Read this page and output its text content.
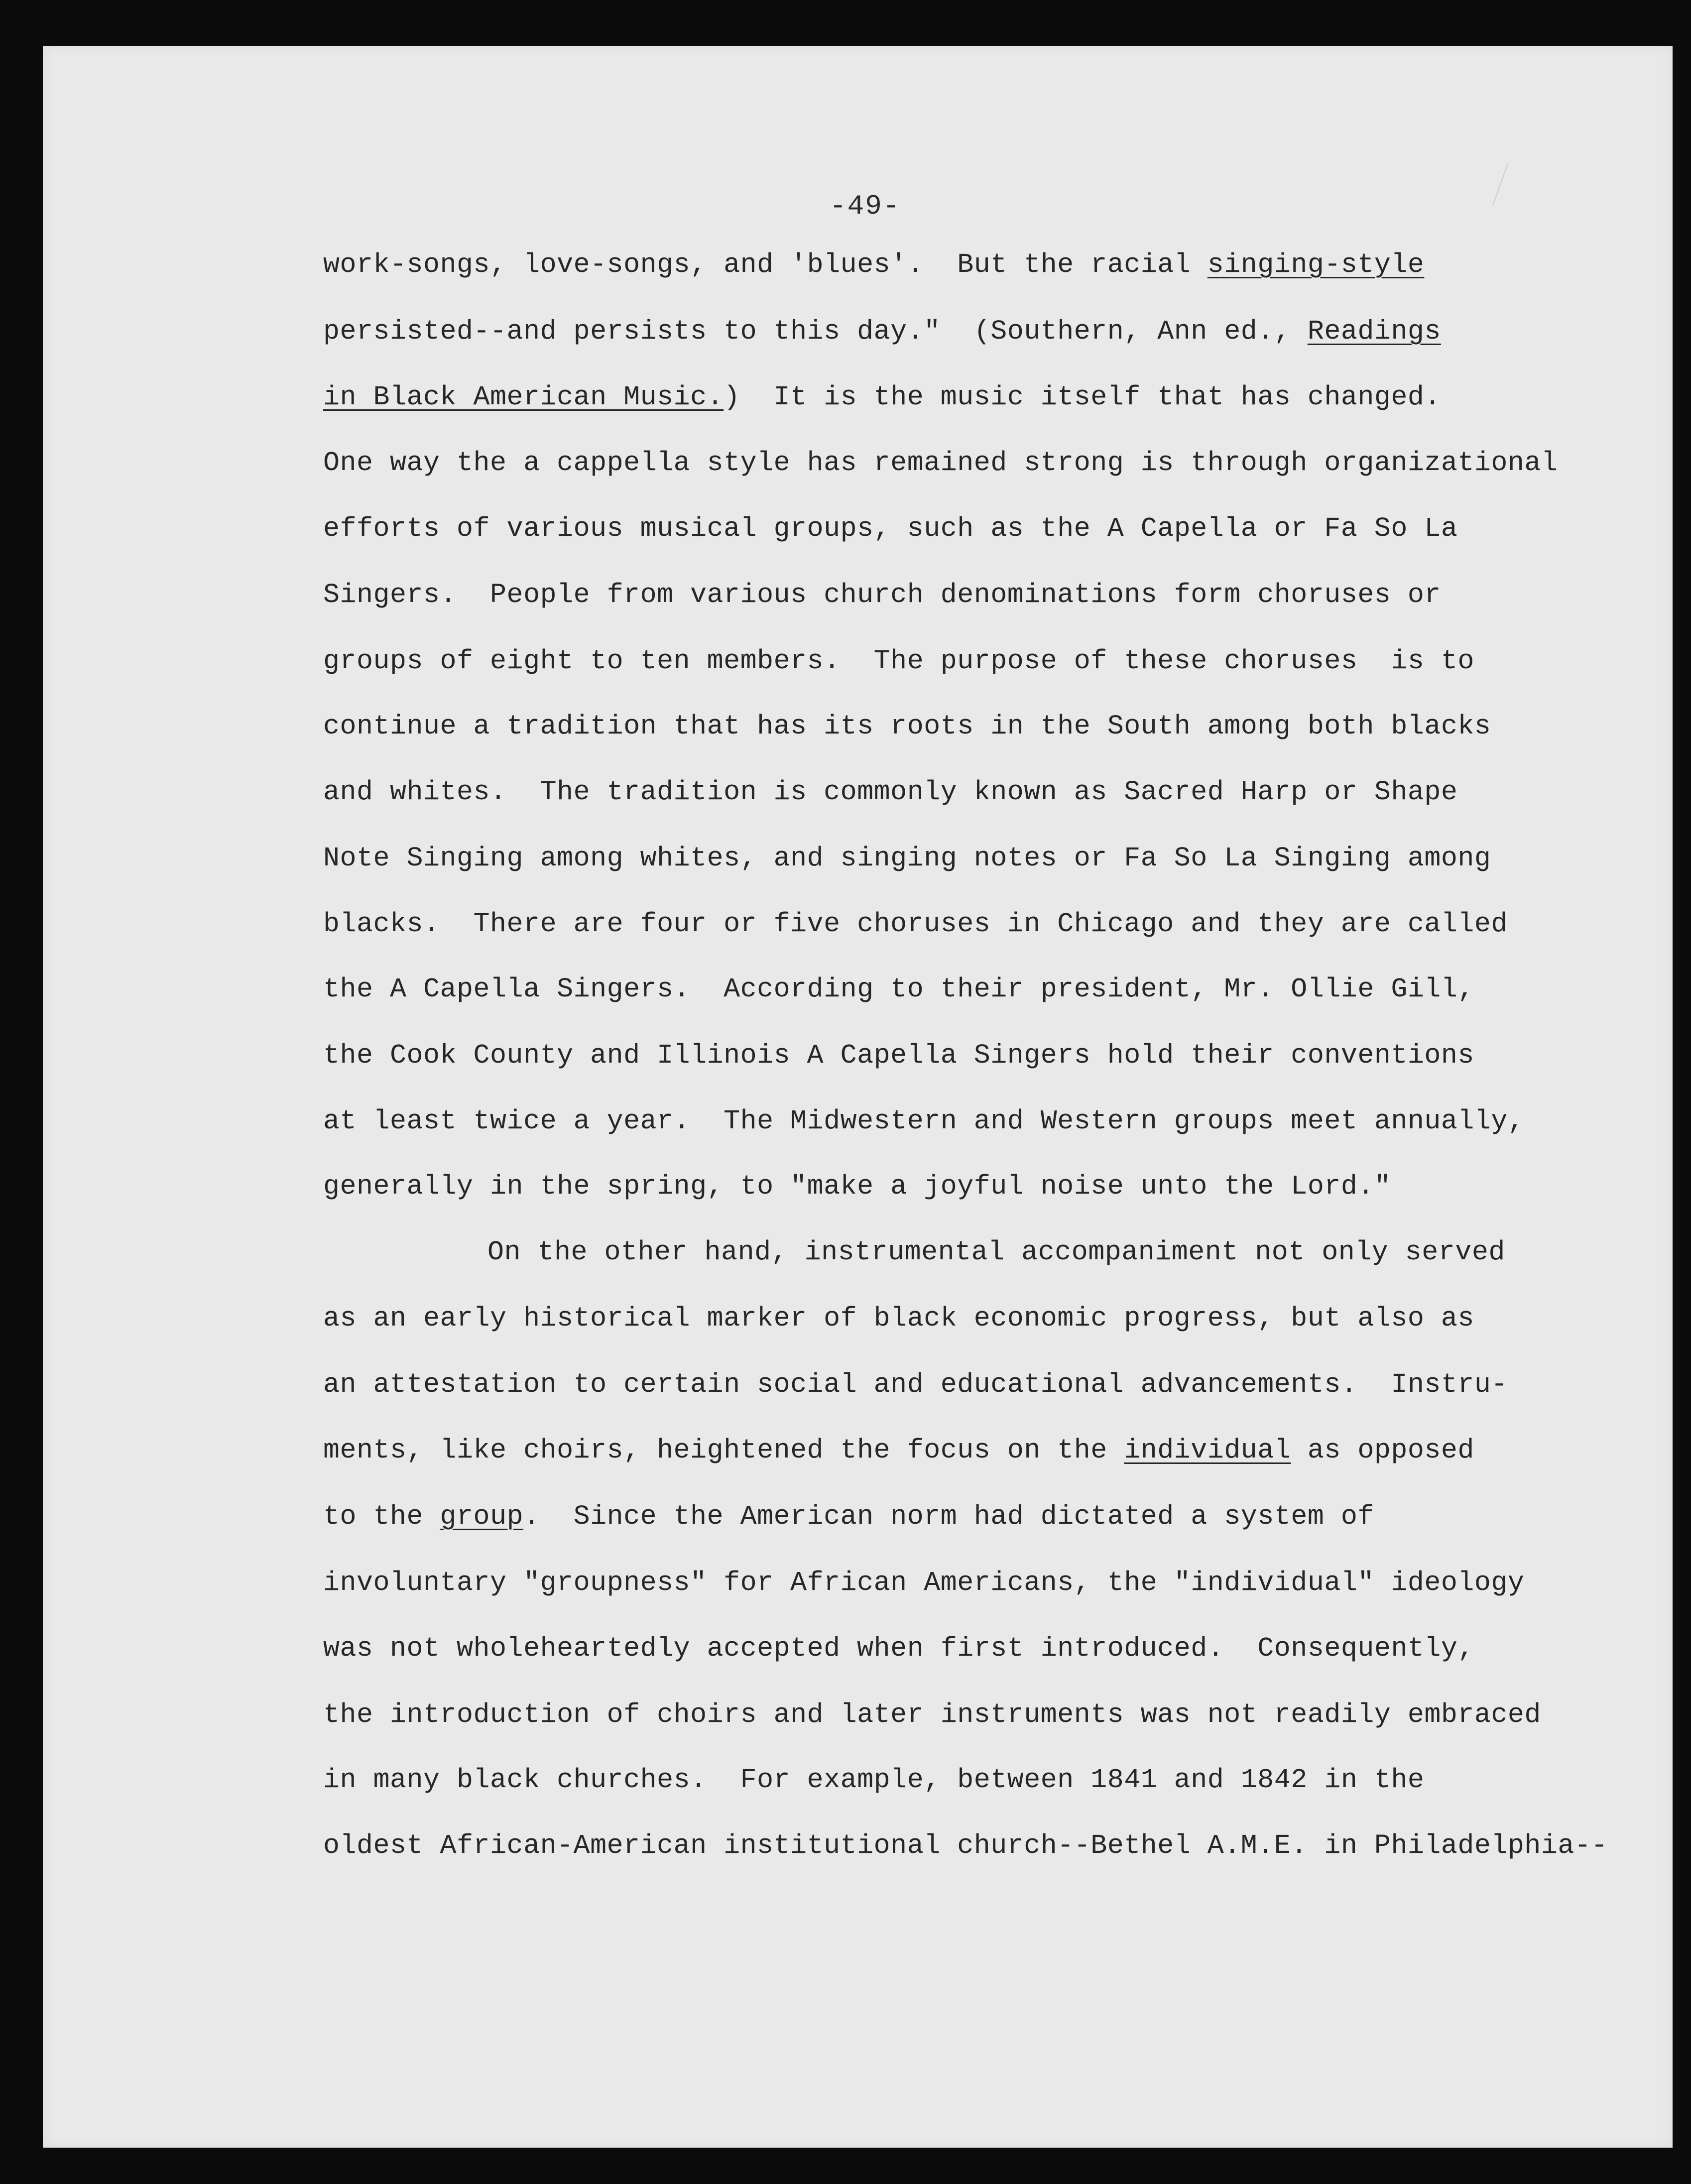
-49-
work-songs, love-songs, and 'blues'.  But the racial singing-style
persisted--and persists to this day."  (Southern, Ann ed., Readings
in Black American Music.)  It is the music itself that has changed.
One way the a cappella style has remained strong is through organizational
efforts of various musical groups, such as the A Capella or Fa So La
Singers.  People from various church denominations form choruses or
groups of eight to ten members.  The purpose of these choruses  is to
continue a tradition that has its roots in the South among both blacks
and whites.  The tradition is commonly known as Sacred Harp or Shape
Note Singing among whites, and singing notes or Fa So La Singing among
blacks.  There are four or five choruses in Chicago and they are called
the A Capella Singers.  According to their president, Mr. Ollie Gill,
the Cook County and Illinois A Capella Singers hold their conventions
at least twice a year.  The Midwestern and Western groups meet annually,
generally in the spring, to "make a joyful noise unto the Lord."
On the other hand, instrumental accompaniment not only served
as an early historical marker of black economic progress, but also as
an attestation to certain social and educational advancements.  Instru-
ments, like choirs, heightened the focus on the individual as opposed
to the group.  Since the American norm had dictated a system of
involuntary "groupness" for African Americans, the "individual" ideology
was not wholeheartedly accepted when first introduced.  Consequently,
the introduction of choirs and later instruments was not readily embraced
in many black churches.  For example, between 1841 and 1842 in the
oldest African-American institutional church--Bethel A.M.E. in Philadelphia--
